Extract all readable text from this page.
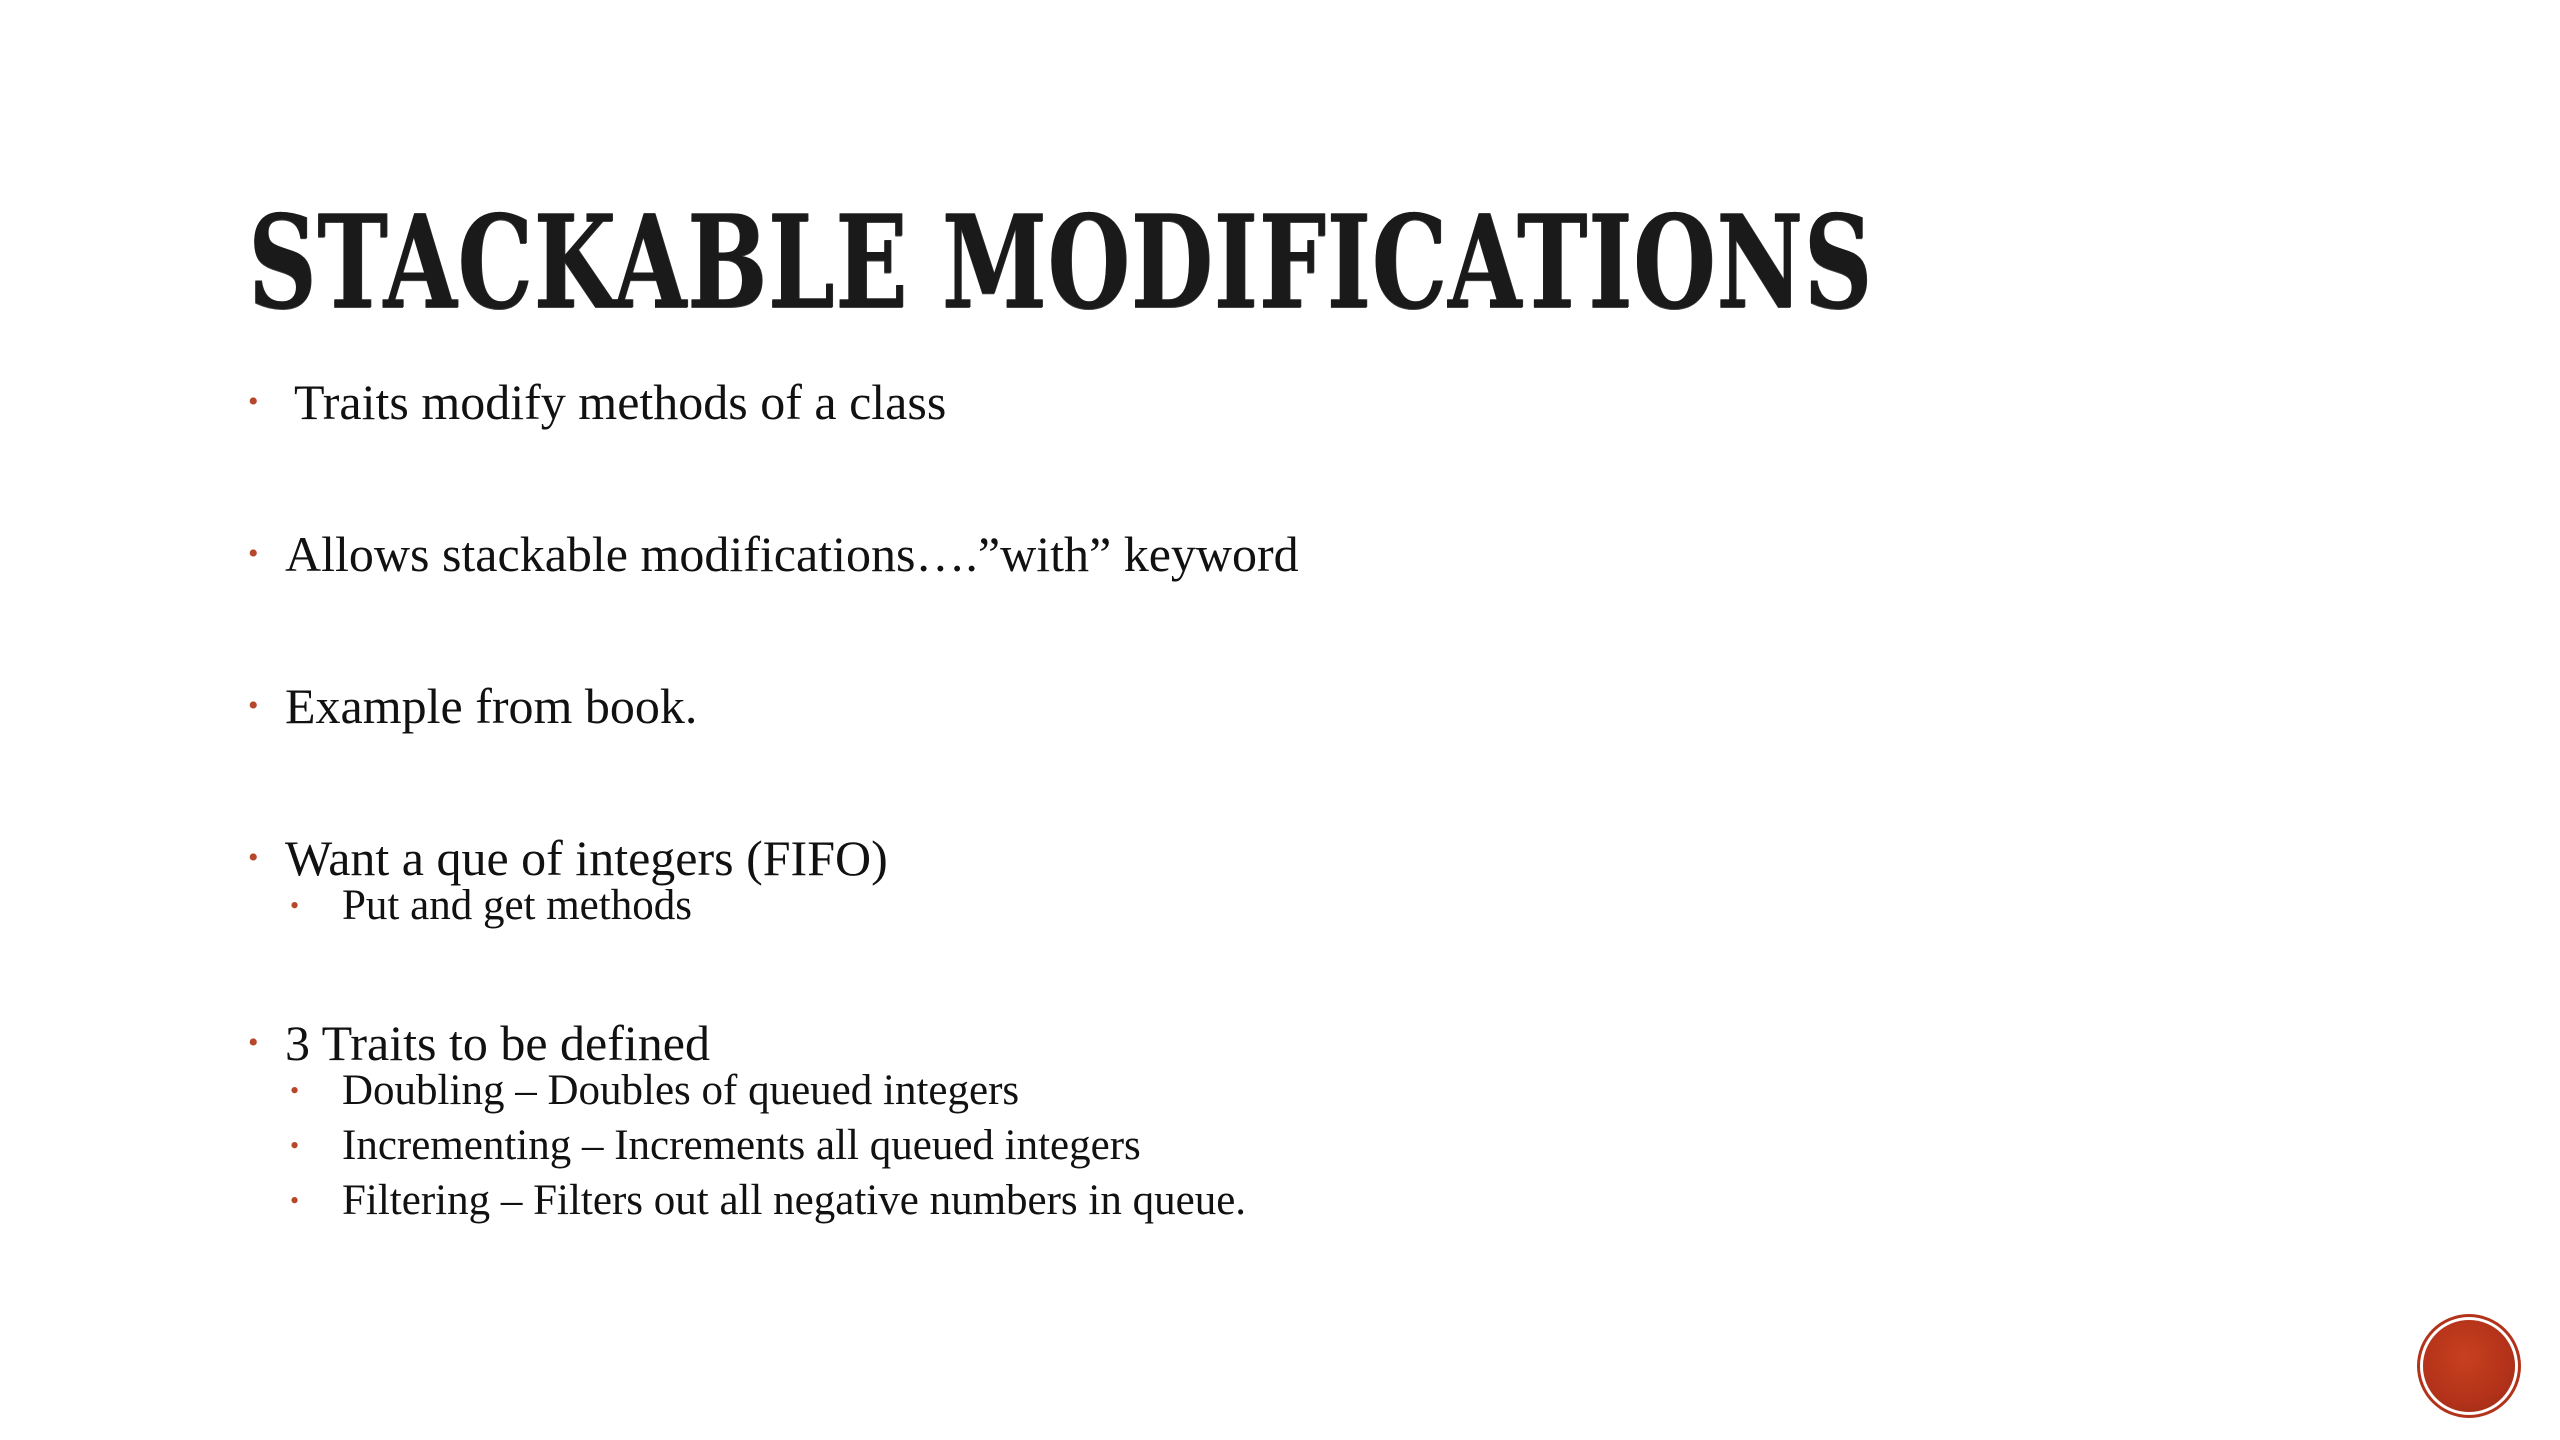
STACKABLE MODIFICATIONS
• Traits modify methods of a class
• Allows stackable modifications….”with” keyword
• Example from book.
• Want a que of integers (FIFO)
• Put and get methods
• 3 Traits to be defined
• Doubling – Doubles of queued integers
• Incrementing – Increments all queued integers
• Filtering – Filters out all negative numbers in queue.
